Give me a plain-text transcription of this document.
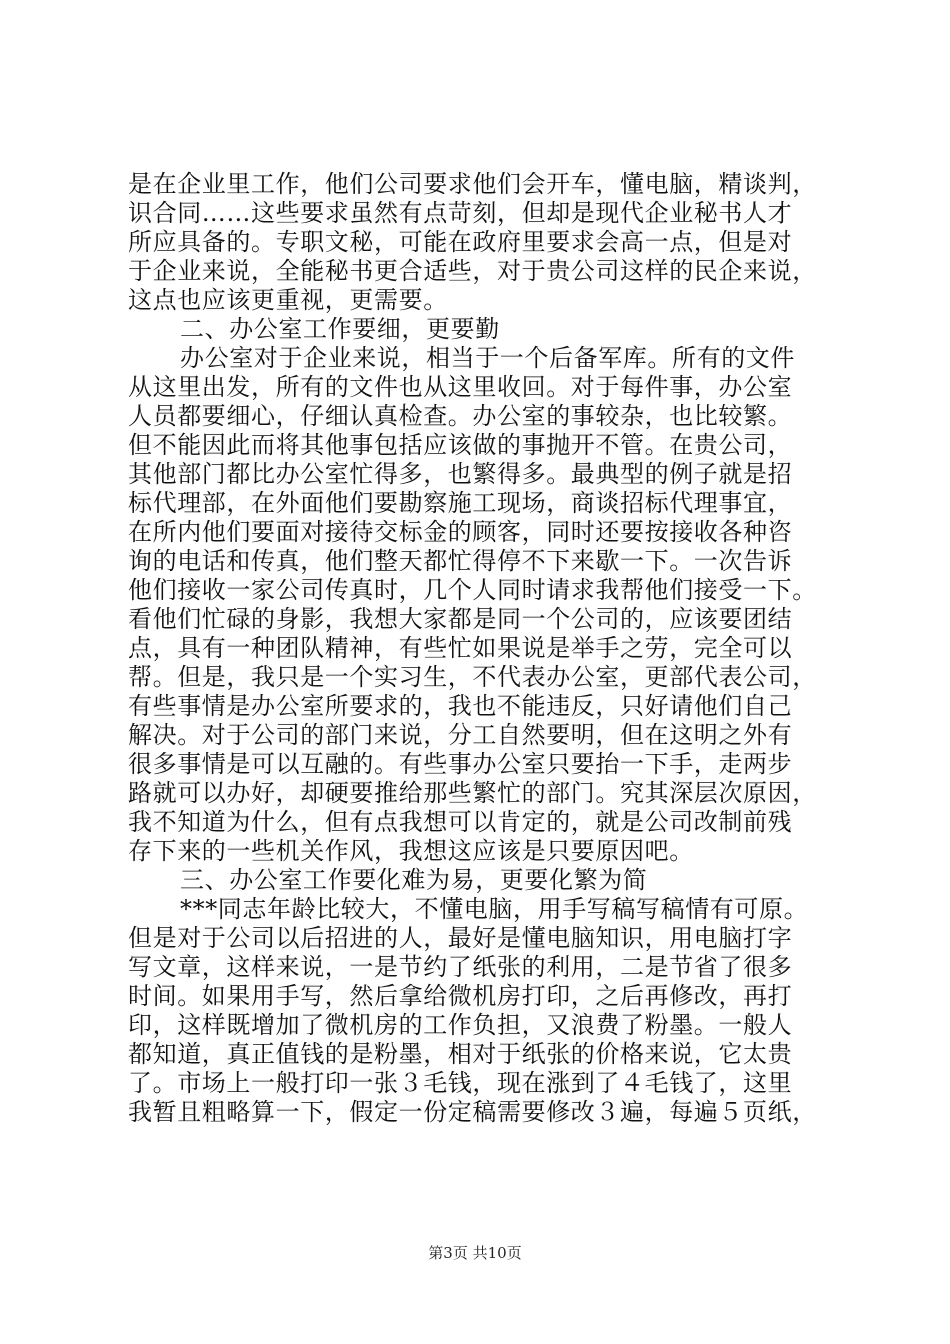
是在企业里工作，他们公司要求他们会开车，懂电脑，精谈判，
识合同……这些要求虽然有点苛刻，但却是现代企业秘书人才
所应具备的。专职文秘，可能在政府里要求会高一点，但是对
于企业来说，全能秘书更合适些，对于贵公司这样的民企来说，
这点也应该更重视，更需要。
二、办公室工作要细，更要勤
办公室对于企业来说，相当于一个后备军库。所有的文件
从这里出发，所有的文件也从这里收回。对于每件事，办公室
人员都要细心，仔细认真检查。办公室的事较杂，也比较繁。
但不能因此而将其他事包括应该做的事抛开不管。在贵公司，
其他部门都比办公室忙得多，也繁得多。最典型的例子就是招
标代理部，在外面他们要勘察施工现场，商谈招标代理事宜，
在所内他们要面对接待交标金的顾客，同时还要按接收各种咨
询的电话和传真，他们整天都忙得停不下来歇一下。一次告诉
他们接收一家公司传真时，几个人同时请求我帮他们接受一下。
看他们忙碌的身影，我想大家都是同一个公司的，应该要团结
点，具有一种团队精神，有些忙如果说是举手之劳，完全可以
帮。但是，我只是一个实习生，不代表办公室，更部代表公司，
有些事情是办公室所要求的，我也不能违反，只好请他们自己
解决。对于公司的部门来说，分工自然要明，但在这明之外有
很多事情是可以互融的。有些事办公室只要抬一下手，走两步
路就可以办好，却硬要推给那些繁忙的部门。究其深层次原因，
我不知道为什么，但有点我想可以肯定的，就是公司改制前残
存下来的一些机关作风，我想这应该是只要原因吧。
三、办公室工作要化难为易，更要化繁为简
***同志年龄比较大，不懂电脑，用手写稿写稿情有可原。
但是对于公司以后招进的人，最好是懂电脑知识，用电脑打字
写文章，这样来说，一是节约了纸张的利用，二是节省了很多
时间。如果用手写，然后拿给微机房打印，之后再修改，再打
印，这样既增加了微机房的工作负担，又浪费了粉墨。一般人
都知道，真正值钱的是粉墨，相对于纸张的价格来说，它太贵
了。市场上一般打印一张３毛钱，现在涨到了４毛钱了，这里
我暂且粗略算一下，假定一份定稿需要修改３遍，每遍５页纸，
第3页 共10页
